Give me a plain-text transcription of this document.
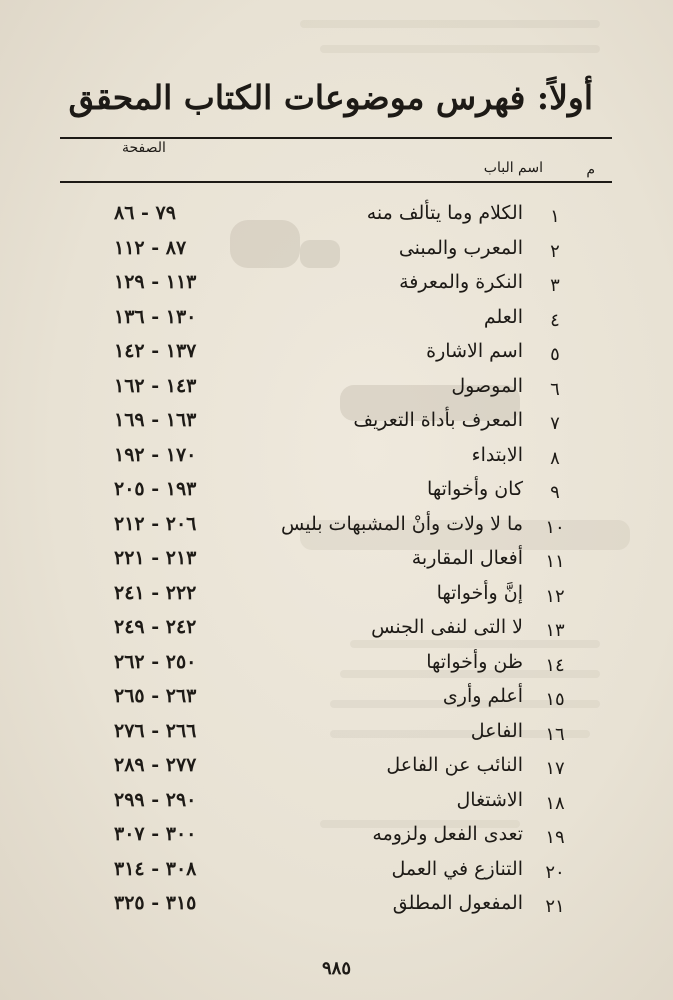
أولاً: فهرس موضوعات الكتاب المحقق
الصفحة
م
اسم الباب
١
الكلام وما يتألف منه
٧٩ - ٨٦
٢
المعرب والمبنى
٨٧ - ١١٢
٣
النكرة والمعرفة
١١٣ - ١٢٩
٤
العلم
١٣٠ - ١٣٦
٥
اسم الاشارة
١٣٧ - ١٤٢
٦
الموصول
١٤٣ - ١٦٢
٧
المعرف بأداة التعريف
١٦٣ - ١٦٩
٨
الابتداء
١٧٠ - ١٩٢
٩
كان وأخواتها
١٩٣ - ٢٠٥
١٠
ما لا ولات وأنْ المشبهات بليس
٢٠٦ - ٢١٢
١١
أفعال المقاربة
٢١٣ - ٢٢١
١٢
إنَّ وأخواتها
٢٢٢ - ٢٤١
١٣
لا التى لنفى الجنس
٢٤٢ - ٢٤٩
١٤
ظن وأخواتها
٢٥٠ - ٢٦٢
١٥
أعلم وأرى
٢٦٣ - ٢٦٥
١٦
الفاعل
٢٦٦ - ٢٧٦
١٧
النائب عن الفاعل
٢٧٧ - ٢٨٩
١٨
الاشتغال
٢٩٠ - ٢٩٩
١٩
تعدى الفعل ولزومه
٣٠٠ - ٣٠٧
٢٠
التنازع في العمل
٣٠٨ - ٣١٤
٢١
المفعول المطلق
٣١٥ - ٣٢٥
٩٨٥
